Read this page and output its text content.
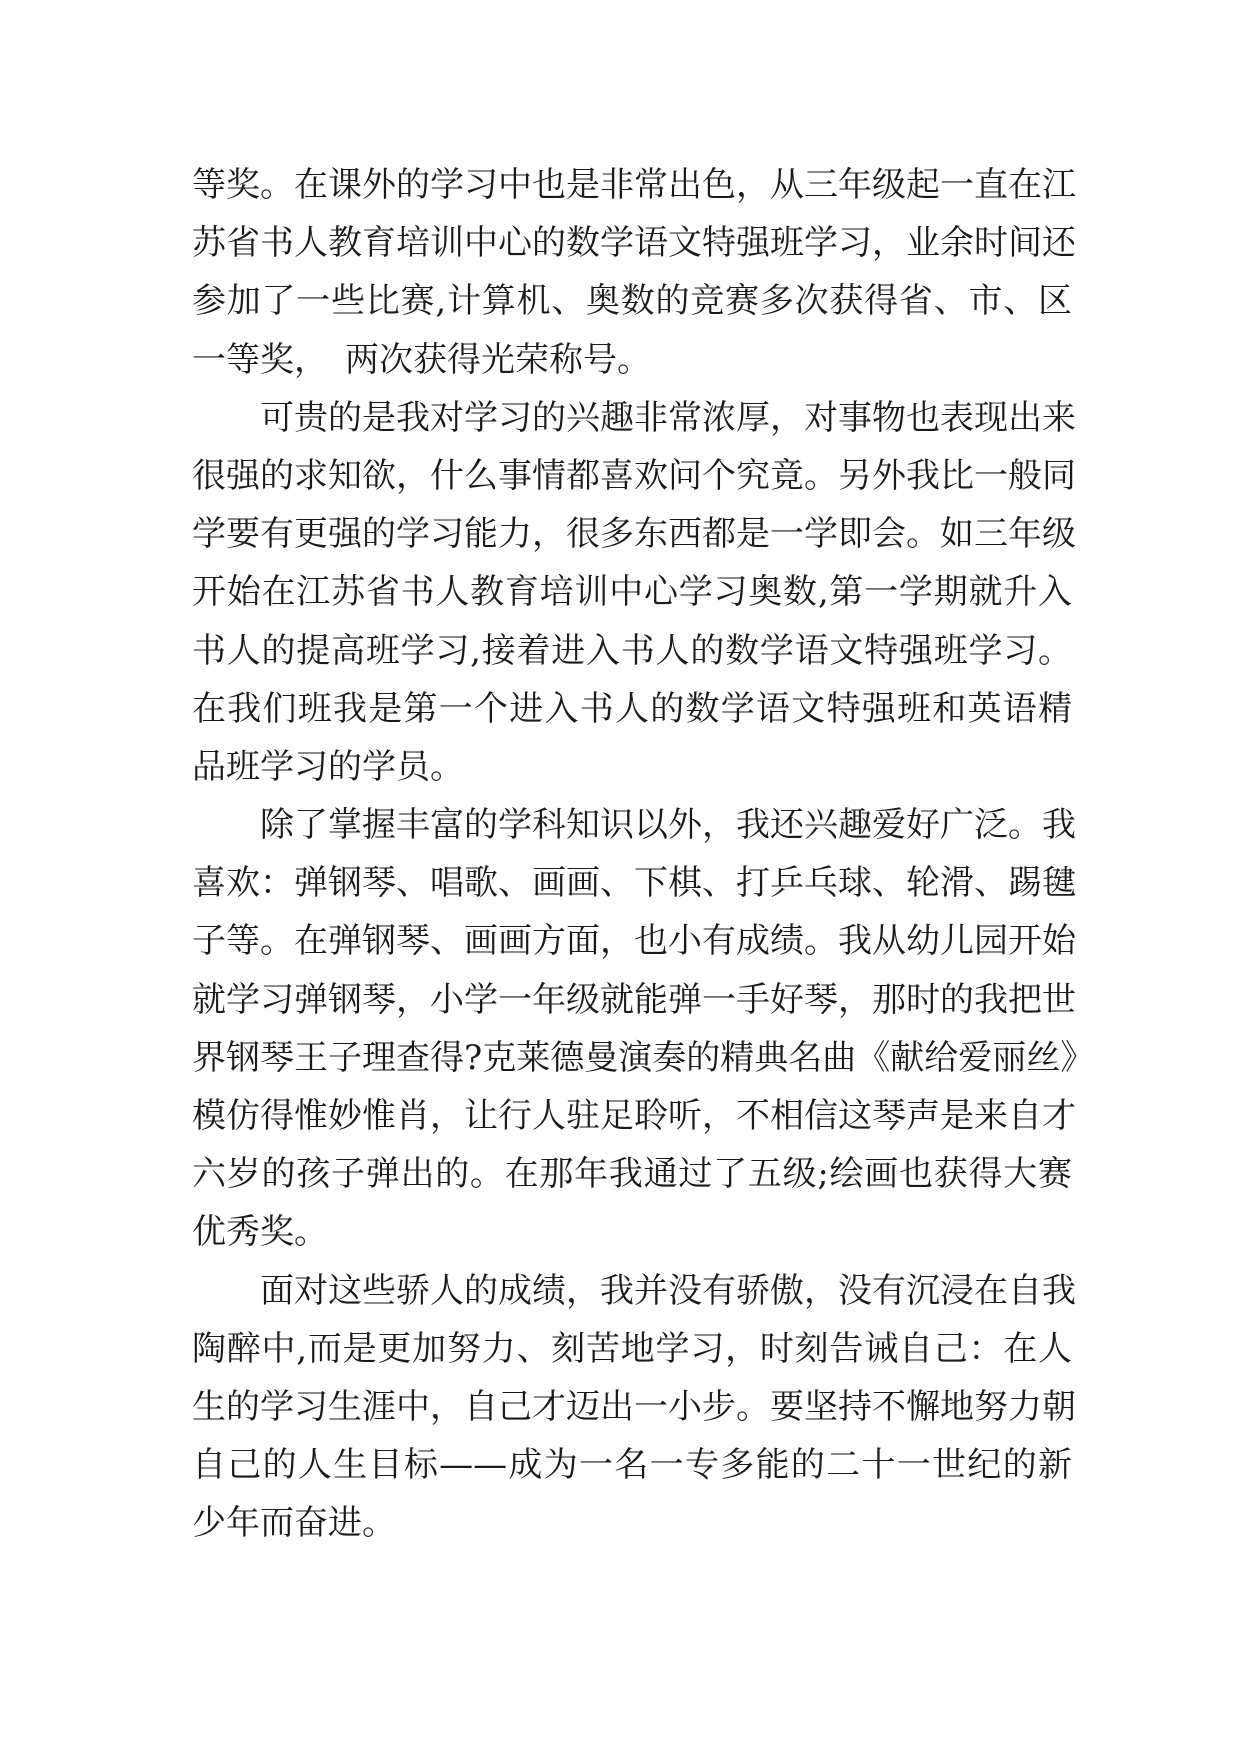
等奖。在课外的学习中也是非常出色，从三年级起一直在江
苏省书人教育培训中心的数学语文特强班学习，业余时间还
参加了一些比赛,计算机、奥数的竞赛多次获得省、市、区
一等奖，　两次获得光荣称号。
可贵的是我对学习的兴趣非常浓厚，对事物也表现出来
很强的求知欲，什么事情都喜欢问个究竟。另外我比一般同
学要有更强的学习能力，很多东西都是一学即会。如三年级
开始在江苏省书人教育培训中心学习奥数,第一学期就升入
书人的提高班学习,接着进入书人的数学语文特强班学习。
在我们班我是第一个进入书人的数学语文特强班和英语精
品班学习的学员。
除了掌握丰富的学科知识以外，我还兴趣爱好广泛。我
喜欢：弹钢琴、唱歌、画画、下棋、打乒乓球、轮滑、踢毽
子等。在弹钢琴、画画方面，也小有成绩。我从幼儿园开始
就学习弹钢琴，小学一年级就能弹一手好琴，那时的我把世
界钢琴王子理查得?克莱德曼演奏的精典名曲《献给爱丽丝》
模仿得惟妙惟肖，让行人驻足聆听，不相信这琴声是来自才
六岁的孩子弹出的。在那年我通过了五级;绘画也获得大赛
优秀奖。
面对这些骄人的成绩，我并没有骄傲，没有沉浸在自我
陶醉中,而是更加努力、刻苦地学习，时刻告诫自己：在人
生的学习生涯中，自己才迈出一小步。要坚持不懈地努力朝
自己的人生目标——成为一名一专多能的二十一世纪的新
少年而奋进。
